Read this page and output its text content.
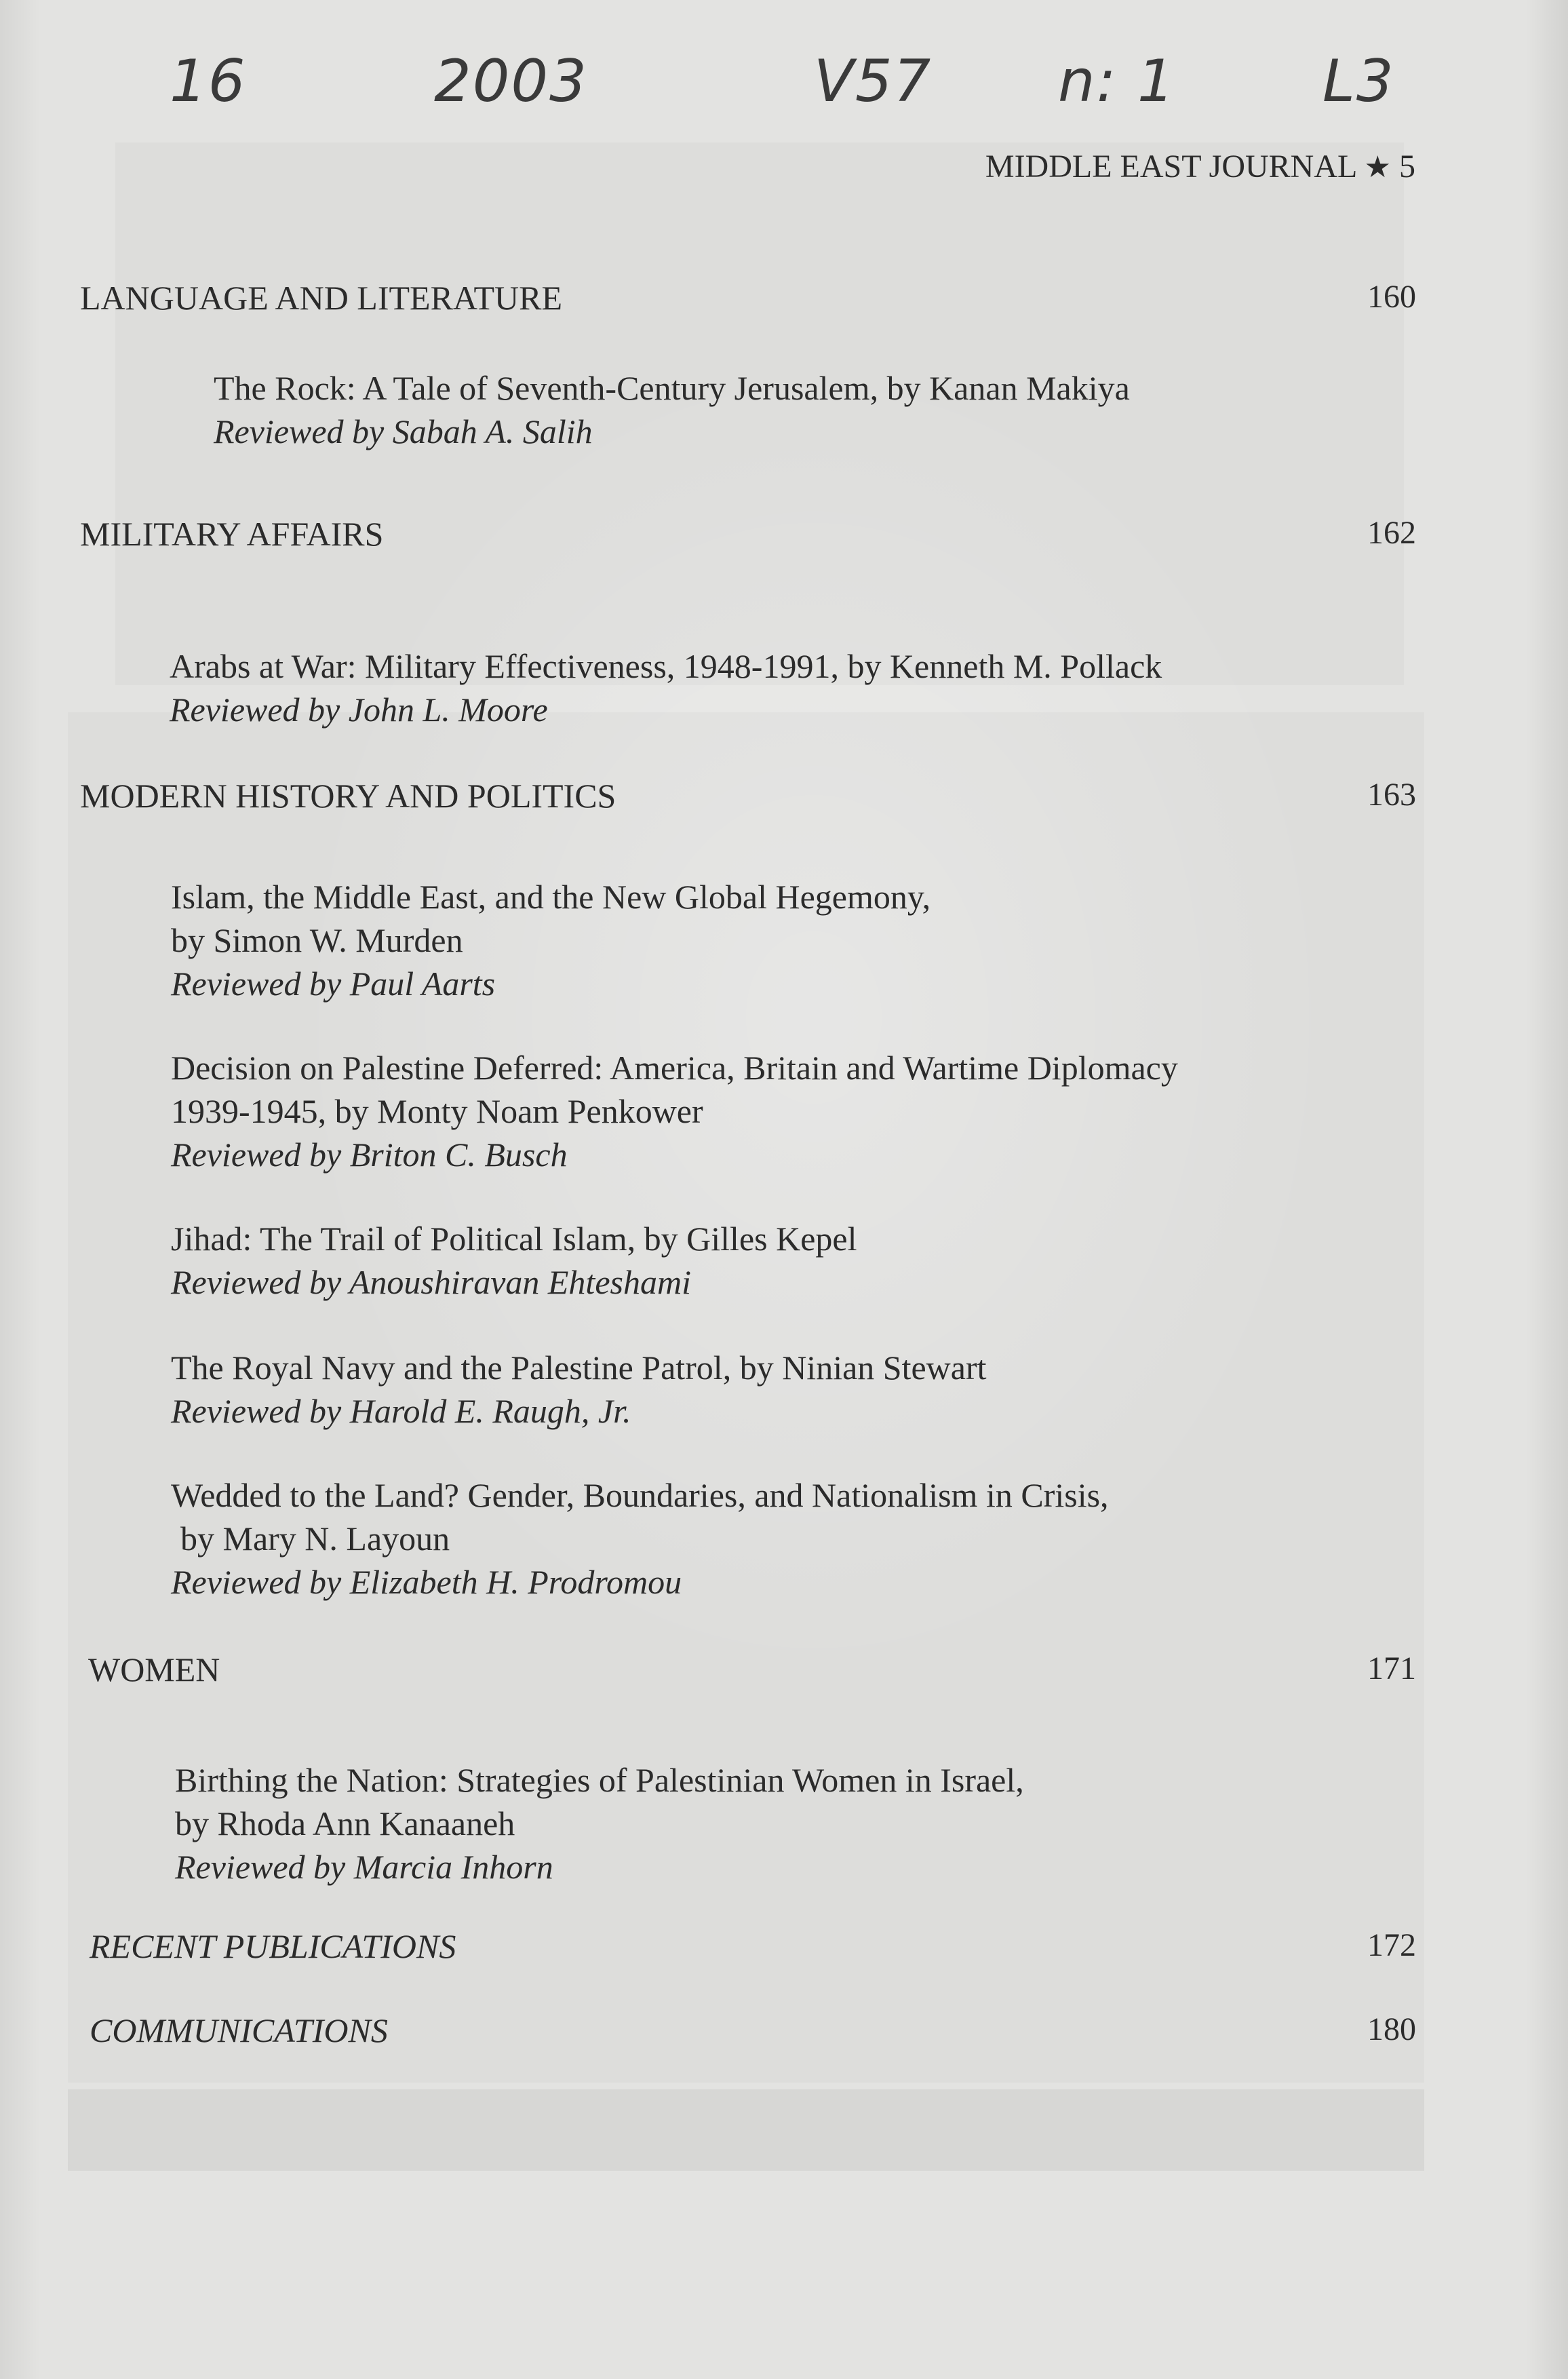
16	2003	V57 n: 1	L3
MIDDLE EAST JOURNAL ★ 5
LANGUAGE AND LITERATURE	160
The Rock: A Tale of Seventh-Century Jerusalem, by Kanan Makiya
Reviewed by Sabah A. Salih
MILITARY AFFAIRS	162
Arabs at War: Military Effectiveness, 1948-1991, by Kenneth M. Pollack
Reviewed by John L. Moore
MODERN HISTORY AND POLITICS	163
Islam, the Middle East, and the New Global Hegemony,
by Simon W. Murden
Reviewed by Paul Aarts
Decision on Palestine Deferred: America, Britain and Wartime Diplomacy
1939-1945, by Monty Noam Penkower
Reviewed by Briton C. Busch
Jihad: The Trail of Political Islam, by Gilles Kepel
Reviewed by Anoushiravan Ehteshami
The Royal Navy and the Palestine Patrol, by Ninian Stewart
Reviewed by Harold E. Raugh, Jr.
Wedded to the Land? Gender, Boundaries, and Nationalism in Crisis,
by Mary N. Layoun
Reviewed by Elizabeth H. Prodromou
WOMEN	171
Birthing the Nation: Strategies of Palestinian Women in Israel,
by Rhoda Ann Kanaaneh
Reviewed by Marcia Inhorn
RECENT PUBLICATIONS	172
COMMUNICATIONS	180
